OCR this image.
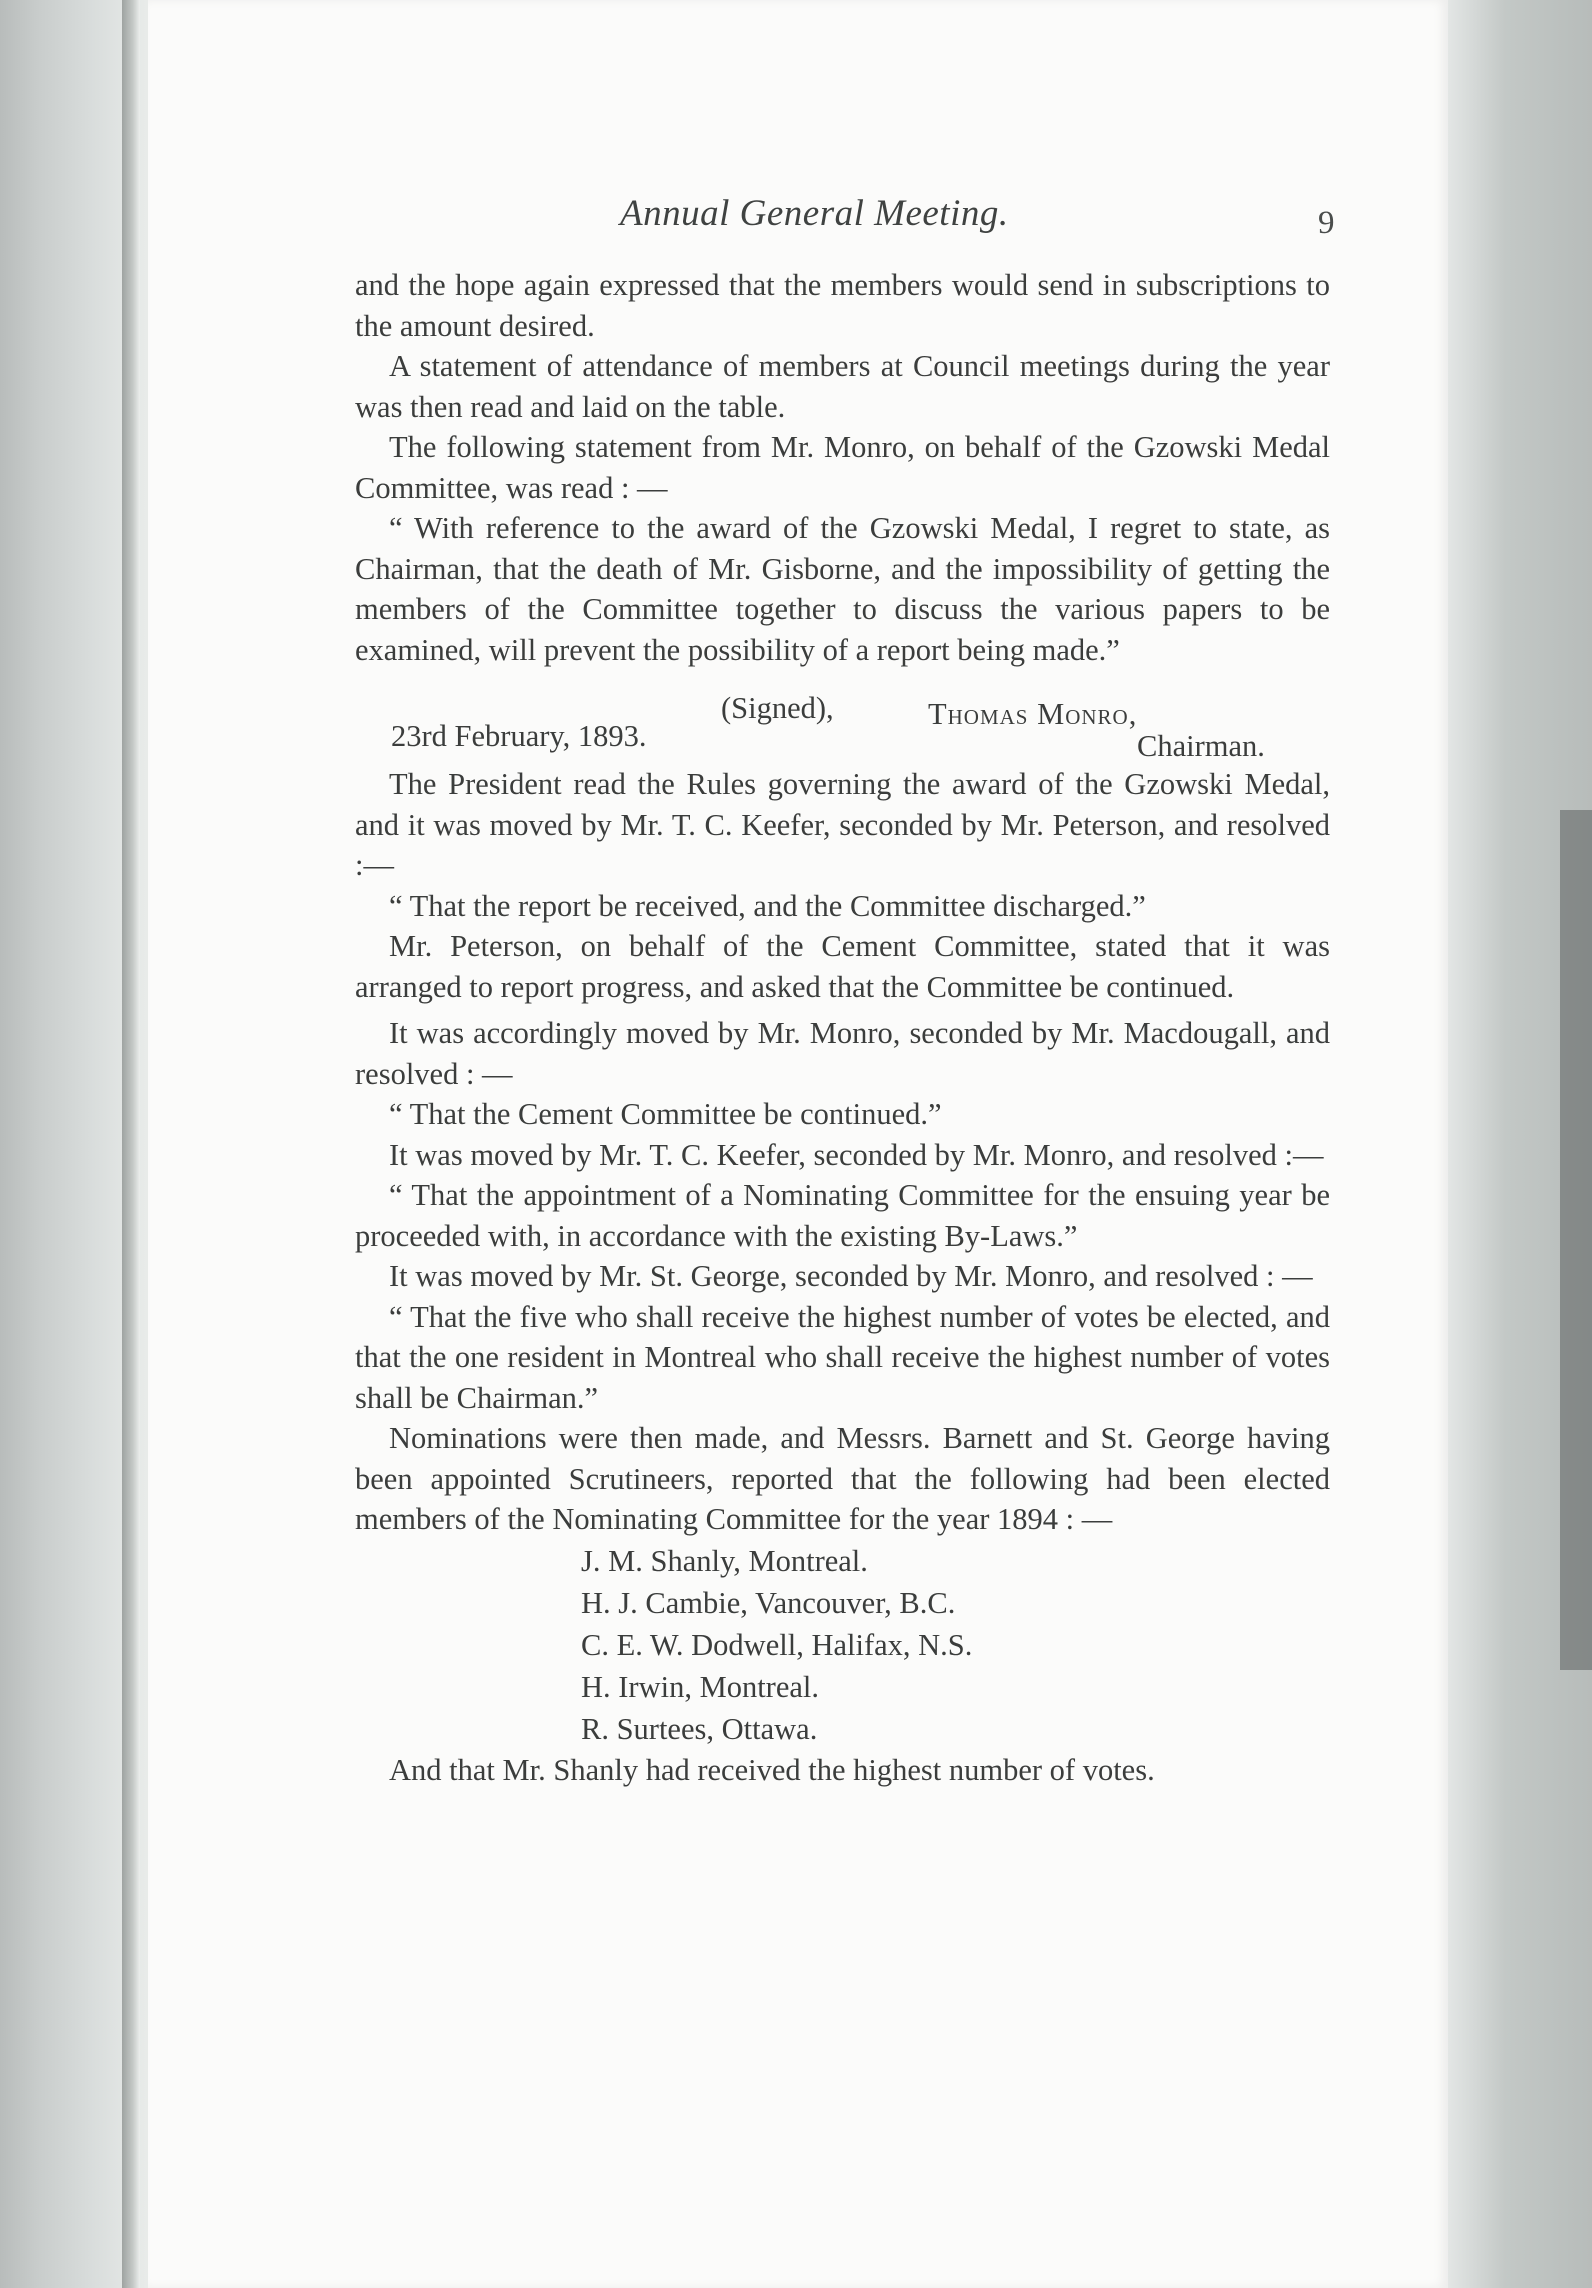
Annual General Meeting.	9

and the hope again expressed that the members would send in subscriptions to the amount desired.

A statement of attendance of members at Council meetings during the year was then read and laid on the table.

The following statement from Mr. Monro, on behalf of the Gzowski Medal Committee, was read : —

“ With reference to the award of the Gzowski Medal, I regret to state, as Chairman, that the death of Mr. Gisborne, and the impossibility of getting the members of the Committee together to discuss the various papers to be examined, will prevent the possibility of a report being made.”

23rd February, 1893.
(Signed),	Thomas Monro,
Chairman.

The President read the Rules governing the award of the Gzowski Medal, and it was moved by Mr. T. C. Keefer, seconded by Mr. Peterson, and resolved :—

“ That the report be received, and the Committee discharged.”

Mr. Peterson, on behalf of the Cement Committee, stated that it was arranged to report progress, and asked that the Committee be continued.

It was accordingly moved by Mr. Monro, seconded by Mr. Macdougall, and resolved : —

“ That the Cement Committee be continued.”

It was moved by Mr. T. C. Keefer, seconded by Mr. Monro, and resolved :—

“ That the appointment of a Nominating Committee for the ensuing year be proceeded with, in accordance with the existing By-Laws.”

It was moved by Mr. St. George, seconded by Mr. Monro, and resolved : —

“ That the five who shall receive the highest number of votes be elected, and that the one resident in Montreal who shall receive the highest number of votes shall be Chairman.”

Nominations were then made, and Messrs. Barnett and St. George having been appointed Scrutineers, reported that the following had been elected members of the Nominating Committee for the year 1894 : —

J. M. Shanly, Montreal.
H. J. Cambie, Vancouver, B.C.
C. E. W. Dodwell, Halifax, N.S.
H. Irwin, Montreal.
R. Surtees, Ottawa.

And that Mr. Shanly had received the highest number of votes.
